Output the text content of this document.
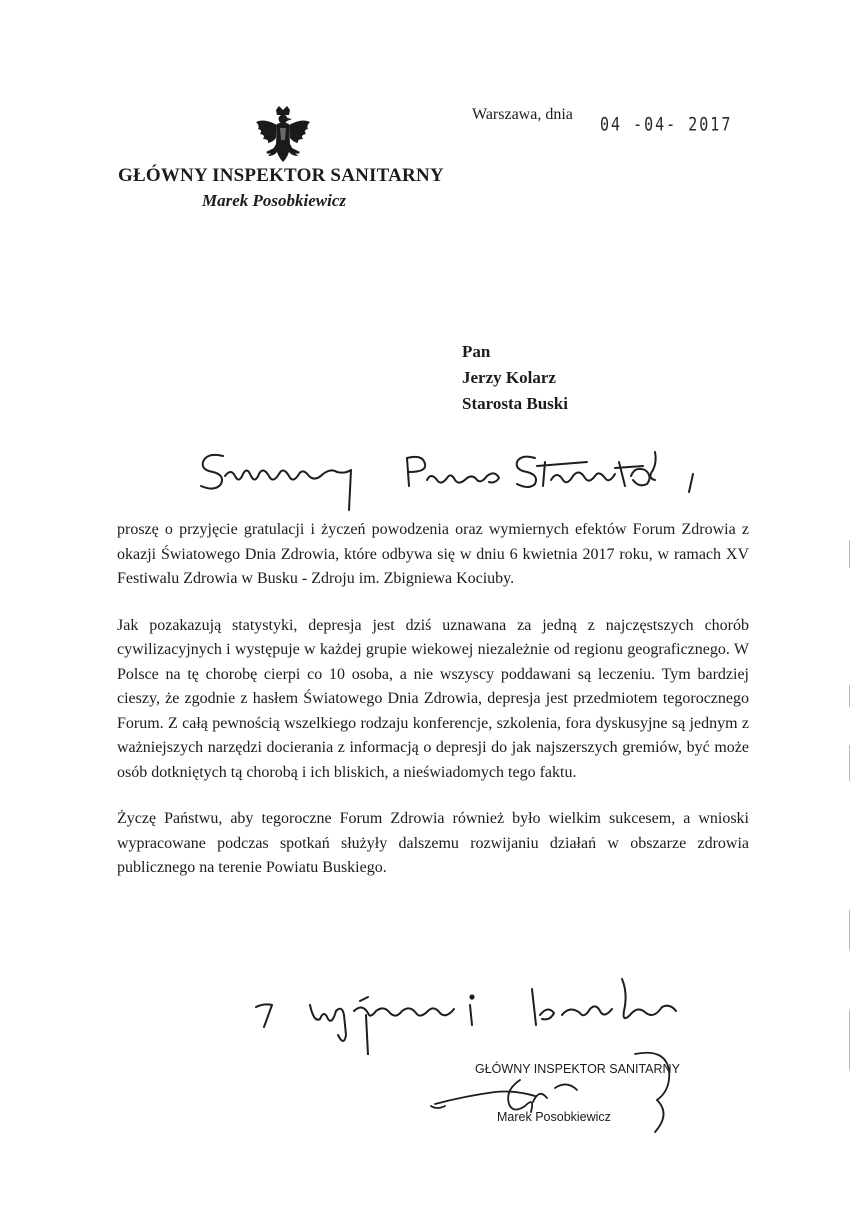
GŁÓWNY INSPEKTOR SANITARNY
Marek Posobkiewicz
Warszawa, dnia 04 -04- 2017
Pan
Jerzy Kolarz
Starosta Buski

proszę o przyjęcie gratulacji i życzeń powodzenia oraz wymiernych efektów Forum Zdrowia z okazji Światowego Dnia Zdrowia, które odbywa się w dniu 6 kwietnia 2017 roku, w ramach XV Festiwalu Zdrowia w Busku - Zdroju im. Zbigniewa Kociuby.

Jak pozakazują statystyki, depresja jest dziś uznawana za jedną z najczęstszych chorób cywilizacyjnych i występuje w każdej grupie wiekowej niezależnie od regionu geograficznego. W Polsce na tę chorobę cierpi co 10 osoba, a nie wszyscy poddawani są leczeniu. Tym bardziej cieszy, że zgodnie z hasłem Światowego Dnia Zdrowia, depresja jest przedmiotem tegorocznego Forum. Z całą pewnością wszelkiego rodzaju konferencje, szkolenia, fora dyskusyjne są jednym z ważniejszych narzędzi docierania z informacją o depresji do jak najszerszych gremiów, być może osób dotkniętych tą chorobą i ich bliskich, a nieświadomych tego faktu.

Życzę Państwu, aby tegoroczne Forum Zdrowia również było wielkim sukcesem, a wnioski wypracowane podczas spotkań służyły dalszemu rozwijaniu działań w obszarze zdrowia publicznego na terenie Powiatu Buskiego.

GŁÓWNY INSPEKTOR SANITARNY
Marek Posobkiewicz
